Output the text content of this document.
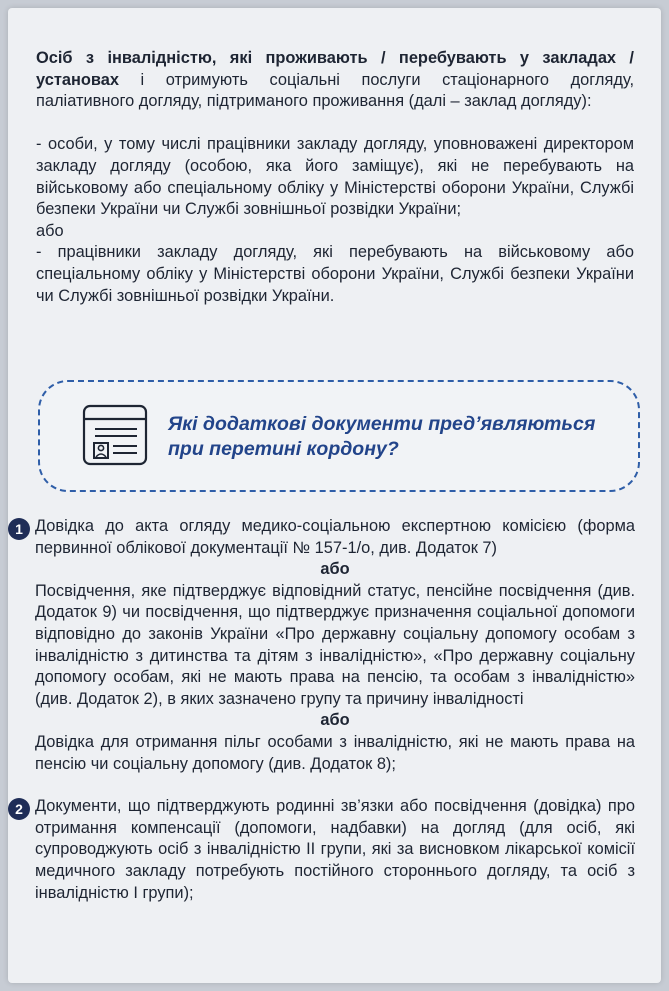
Осіб з інвалідністю, які проживають / перебувають у закладах / установах і отримують соціальні послуги стаціонарного догляду, паліативного догляду, підтриманого проживання (далі – заклад догляду):

- особи, у тому числі працівники закладу догляду, уповноважені директором закладу догляду (особою, яка його заміщує), які не перебувають на військовому або спеціальному обліку у Міністерстві оборони України, Службі безпеки України чи Службі зовнішньої розвідки України;

або

- працівники закладу догляду, які перебувають на військовому або спеціальному обліку у Міністерстві оборони України, Службі безпеки України чи Службі зовнішньої розвідки України.

Які додаткові документи пред’являються
при перетині кордону?
1 Довідка до акта огляду медико-соціальною експертною комісією (форма первинної облікової документації № 157-1/о, див. Додаток 7)

або

Посвідчення, яке підтверджує відповідний статус, пенсійне посвідчення (див. Додаток 9) чи посвідчення, що підтверджує призначення соціальної допомоги відповідно до законів України «Про державну соціальну допомогу особам з інвалідністю з дитинства та дітям з інвалідністю», «Про державну соціальну допомогу особам, які не мають права на пенсію, та особам з інвалідністю» (див. Додаток 2), в яких зазначено групу та причину інвалідності

або

Довідка для отримання пільг особами з інвалідністю, які не мають права на пенсію чи соціальну допомогу (див. Додаток 8);

2 Документи, що підтверджують родинні зв’язки або посвідчення (довідка) про отримання компенсації (допомоги, надбавки) на догляд (для осіб, які супроводжують осіб з інвалідністю ІІ групи, які за висновком лікарської комісії медичного закладу потребують постійного стороннього догляду, та осіб з інвалідністю І групи);
